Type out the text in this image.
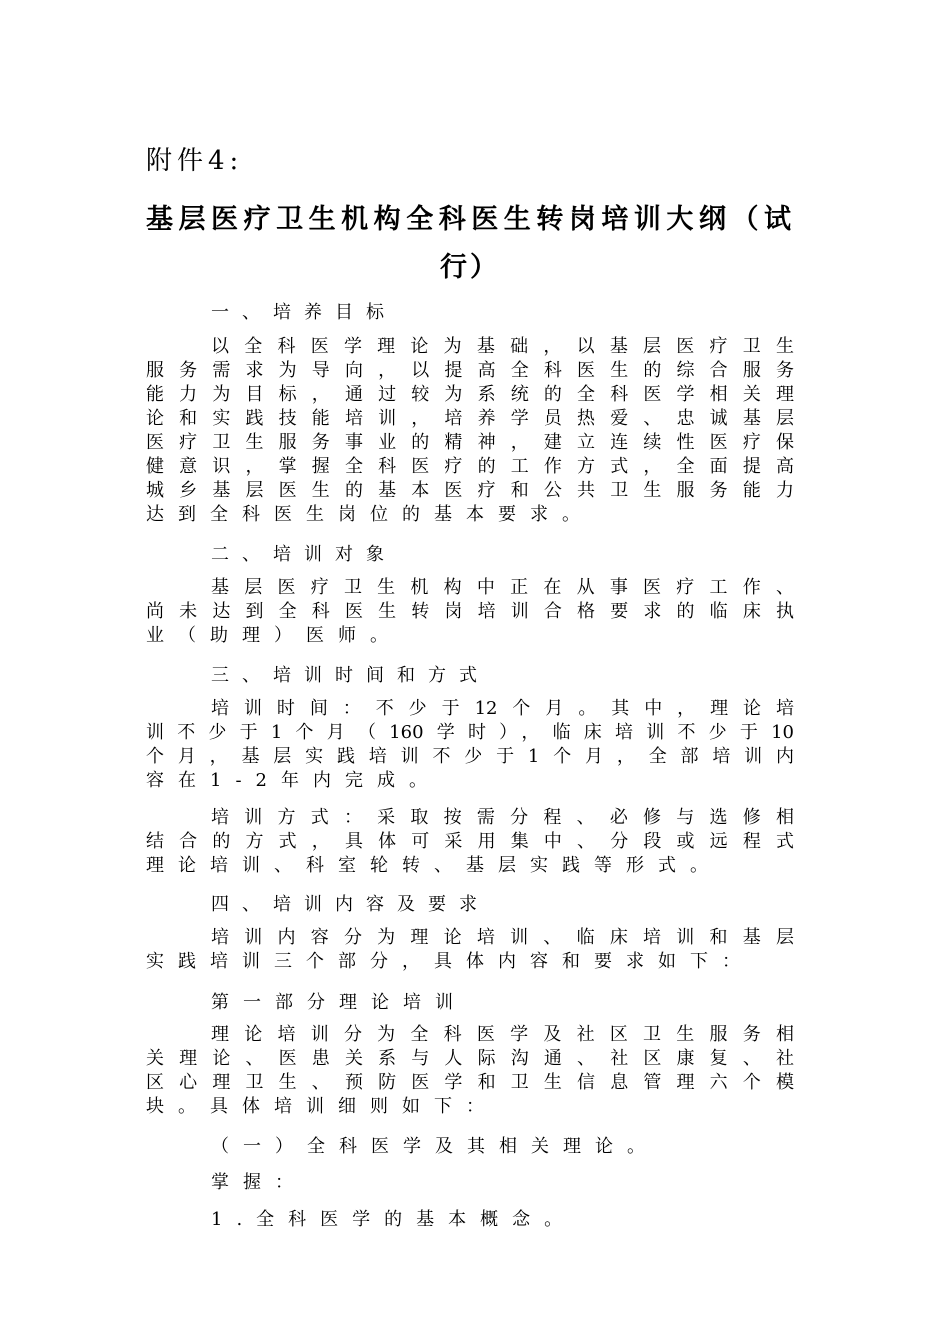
附件4:
基层医疗卫生机构全科医生转岗培训大纲（试
行）
一、培养目标
以全科医学理论为基础，以基层医疗卫生
服务需求为导向，以提高全科医生的综合服务
能力为目标，通过较为系统的全科医学相关理
论和实践技能培训，培养学员热爱、忠诚基层
医疗卫生服务事业的精神，建立连续性医疗保
健意识，掌握全科医疗的工作方式，全面提高
城乡基层医生的基本医疗和公共卫生服务能力
达到全科医生岗位的基本要求。
二、培训对象
基层医疗卫生机构中正在从事医疗工作、
尚未达到全科医生转岗培训合格要求的临床执
业（助理）医师。
三、培训时间和方式
培训时间：不少于12个月。其中，理论培
训不少于1个月（160学时），临床培训不少于10
个月，基层实践培训不少于1个月，全部培训内
容在1-2年内完成。
培训方式：采取按需分程、必修与选修相
结合的方式，具体可采用集中、分段或远程式
理论培训、科室轮转、基层实践等形式。
四、培训内容及要求
培训内容分为理论培训、临床培训和基层
实践培训三个部分，具体内容和要求如下：
第一部分理论培训
理论培训分为全科医学及社区卫生服务相
关理论、医患关系与人际沟通、社区康复、社
区心理卫生、预防医学和卫生信息管理六个模
块。具体培训细则如下：
（一）全科医学及其相关理论。
掌握：
1.全科医学的基本概念。
